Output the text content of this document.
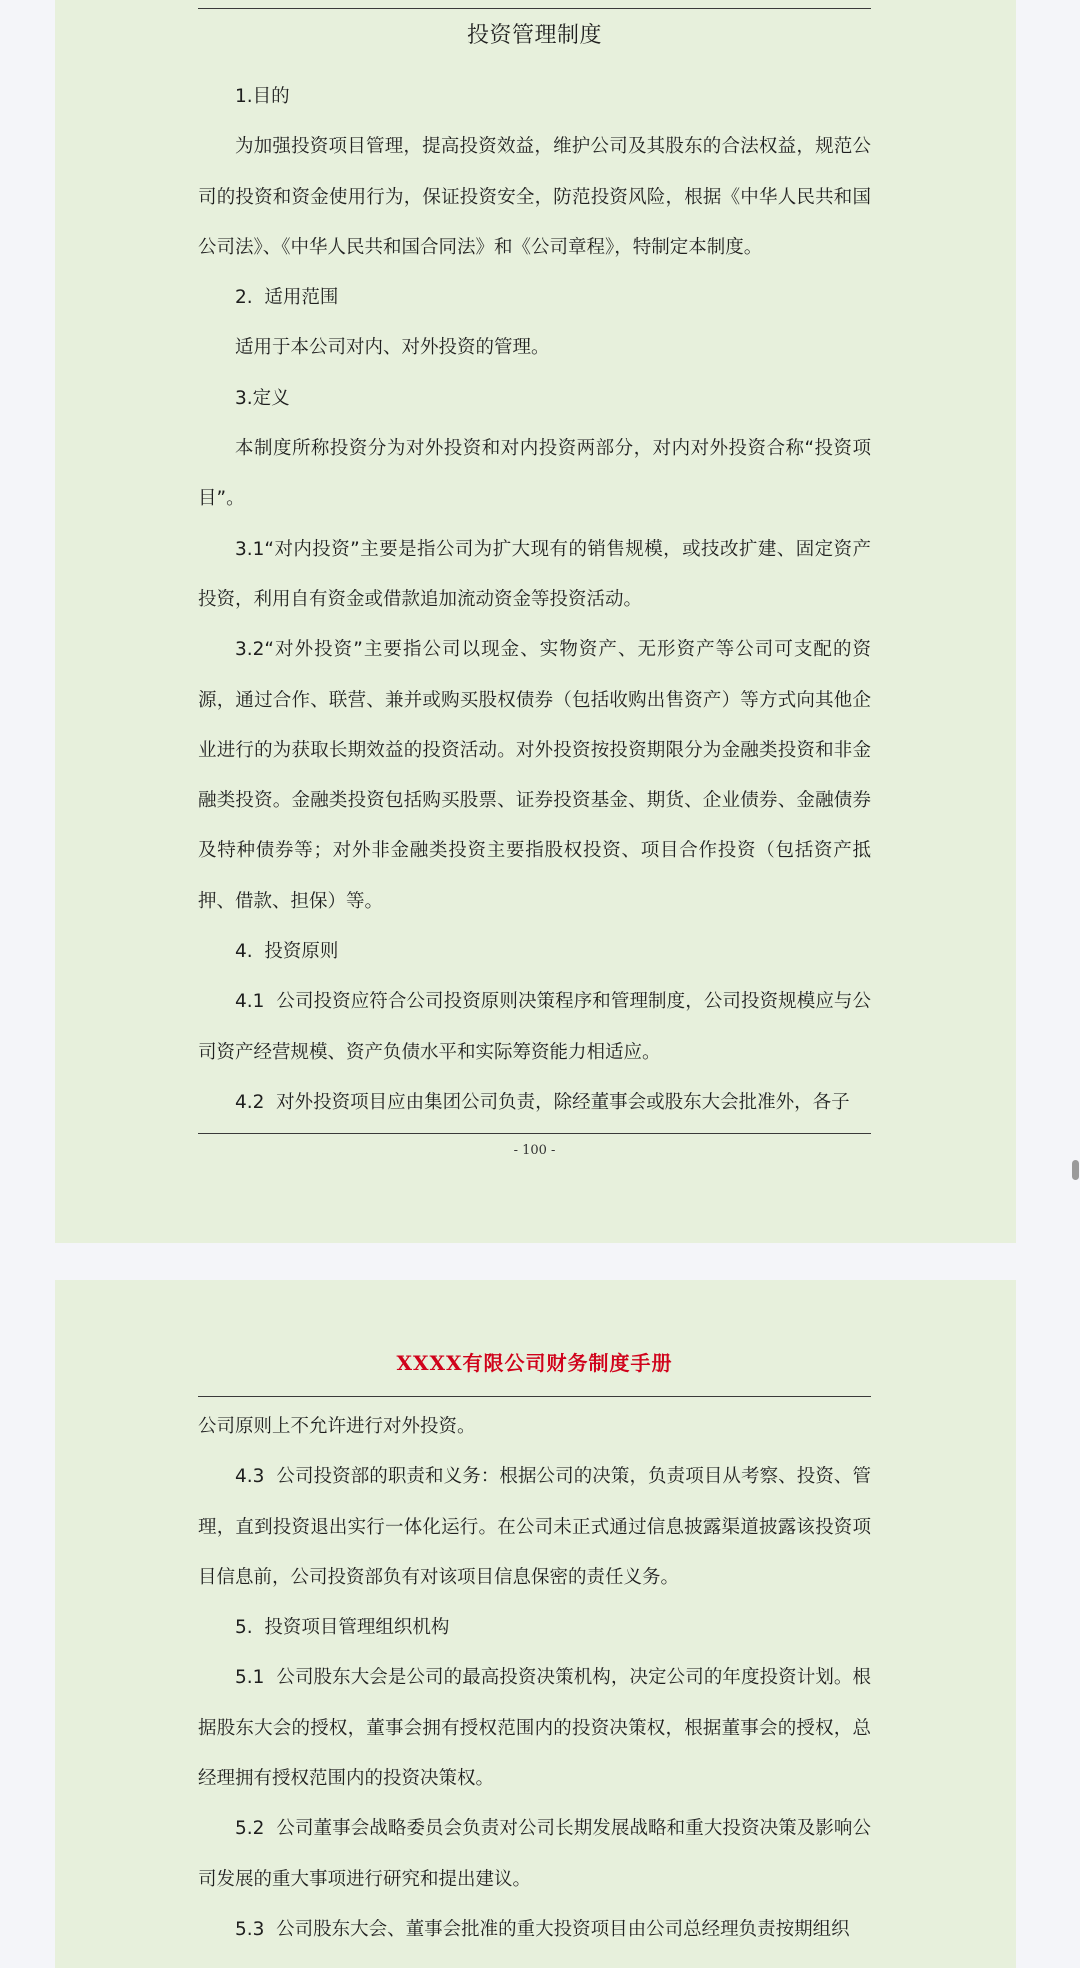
投资管理制度

1.目的

为加强投资项目管理，提高投资效益，维护公司及其股东的合法权益，规范公司的投资和资金使用行为，保证投资安全，防范投资风险，根据《中华人民共和国公司法》、《中华人民共和国合同法》和《公司章程》，特制定本制度。

2.  适用范围

适用于本公司对内、对外投资的管理。

3.定义

本制度所称投资分为对外投资和对内投资两部分，对内对外投资合称“投资项目”。

3.1“对内投资”主要是指公司为扩大现有的销售规模，或技改扩建、固定资产投资，利用自有资金或借款追加流动资金等投资活动。

3.2“对外投资”主要指公司以现金、实物资产、无形资产等公司可支配的资源，通过合作、联营、兼并或购买股权债券（包括收购出售资产）等方式向其他企业进行的为获取长期效益的投资活动。对外投资按投资期限分为金融类投资和非金融类投资。金融类投资包括购买股票、证券投资基金、期货、企业债券、金融债券及特种债券等；对外非金融类投资主要指股权投资、项目合作投资（包括资产抵押、借款、担保）等。

4.  投资原则

4.1  公司投资应符合公司投资原则决策程序和管理制度，公司投资规模应与公司资产经营规模、资产负债水平和实际筹资能力相适应。

4.2  对外投资项目应由集团公司负责，除经董事会或股东大会批准外，各子

- 100 -
XXXX有限公司财务制度手册

公司原则上不允许进行对外投资。

4.3  公司投资部的职责和义务：根据公司的决策，负责项目从考察、投资、管理，直到投资退出实行一体化运行。在公司未正式通过信息披露渠道披露该投资项目信息前，公司投资部负有对该项目信息保密的责任义务。

5.  投资项目管理组织机构

5.1  公司股东大会是公司的最高投资决策机构，决定公司的年度投资计划。根据股东大会的授权，董事会拥有授权范围内的投资决策权，根据董事会的授权，总经理拥有授权范围内的投资决策权。

5.2  公司董事会战略委员会负责对公司长期发展战略和重大投资决策及影响公司发展的重大事项进行研究和提出建议。

5.3  公司股东大会、董事会批准的重大投资项目由公司总经理负责按期组织
